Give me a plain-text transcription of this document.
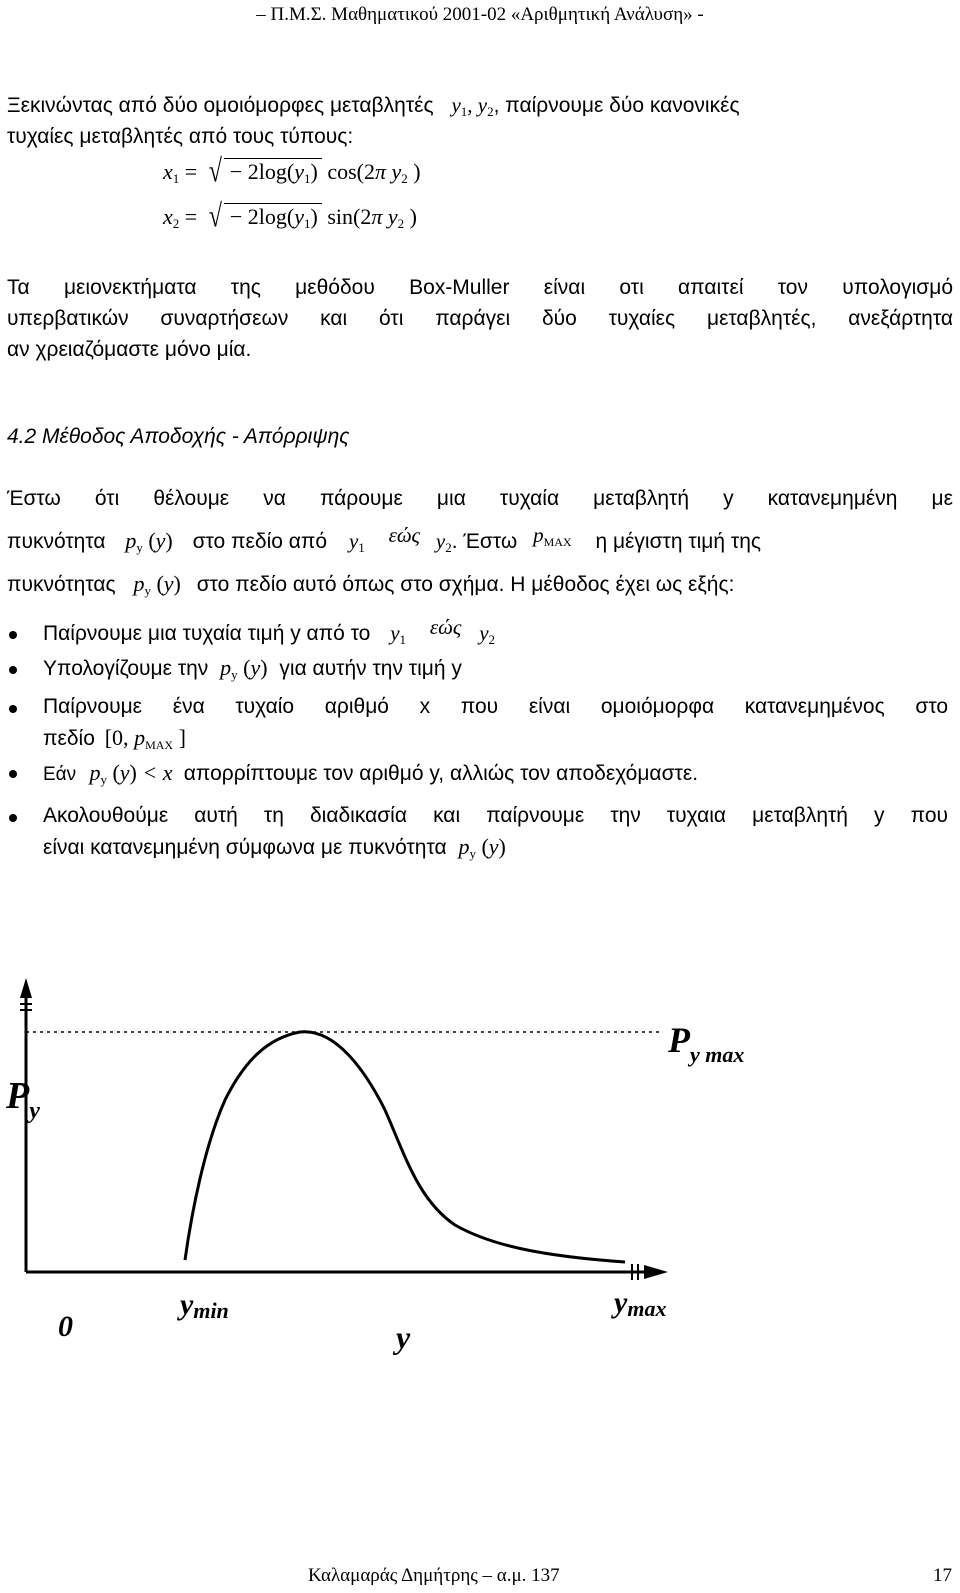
– Π.Μ.Σ. Μαθηματικού 2001-02 «Αριθμητική Ανάλυση» -
Ξεκινώντας από δύο ομοιόμορφες μεταβλητές $y_1$, $y_2$, παίρνουμε δύο κανονικές
τυχαίες μεταβλητές από τους τύπους:
$x_1$ = √ − $2\log(y_1)$ cos(2π $y_2$ )
$x_2$ = √ − $2\log(y_1)$ sin(2π $y_2$ )
Τα μειονεκτήματα της μεθόδου Box-Muller είναι οτι απαιτεί τον υπολογισμό
υπερβατικών συναρτήσεων και ότι παράγει δύο τυχαίες μεταβλητές, ανεξάρτητα
αν χρειαζόμαστε μόνο μία.
4.2 Μέθοδος Αποδοχής - Απόρριψης
Έστω ότι θέλουμε να πάρουμε μια τυχαία μεταβλητή y κατανεμημένη με
πυκνότητα $p_y$ (y) στο πεδίο από $y_1$ εώς $y_2$. Έστω $p_{MAX}$ η μέγιστη τιμή της
πυκνότητας $p_y$ (y) στο πεδίο αυτό όπως στο σχήμα. Η μέθοδος έχει ως εξής:
Παίρνουμε μια τυχαία τιμή y από το $y_1$ εώς $y_2$
Υπολογίζουμε την $p_y$ (y) για αυτήν την τιμή y
Παίρνουμε ένα τυχαίο αριθμό x που είναι ομοιόμορφα κατανεμημένος στο
πεδίο [0, $p_{MAX}$ ]
Εάν $p_y$ (y) < x απορρίπτουμε τον αριθμό y, αλλιώς τον αποδεχόμαστε.
Ακολουθούμε αυτή τη διαδικασία και παίρνουμε την τυχαια μεταβλητή y που
είναι κατανεμημένη σύμφωνα με πυκνότητα $p_y$ (y)
$P_y$
$P_{y max}$
0
ymin	ymax
y
Καλαμαράς Δημήτρης – α.μ. 137	17
